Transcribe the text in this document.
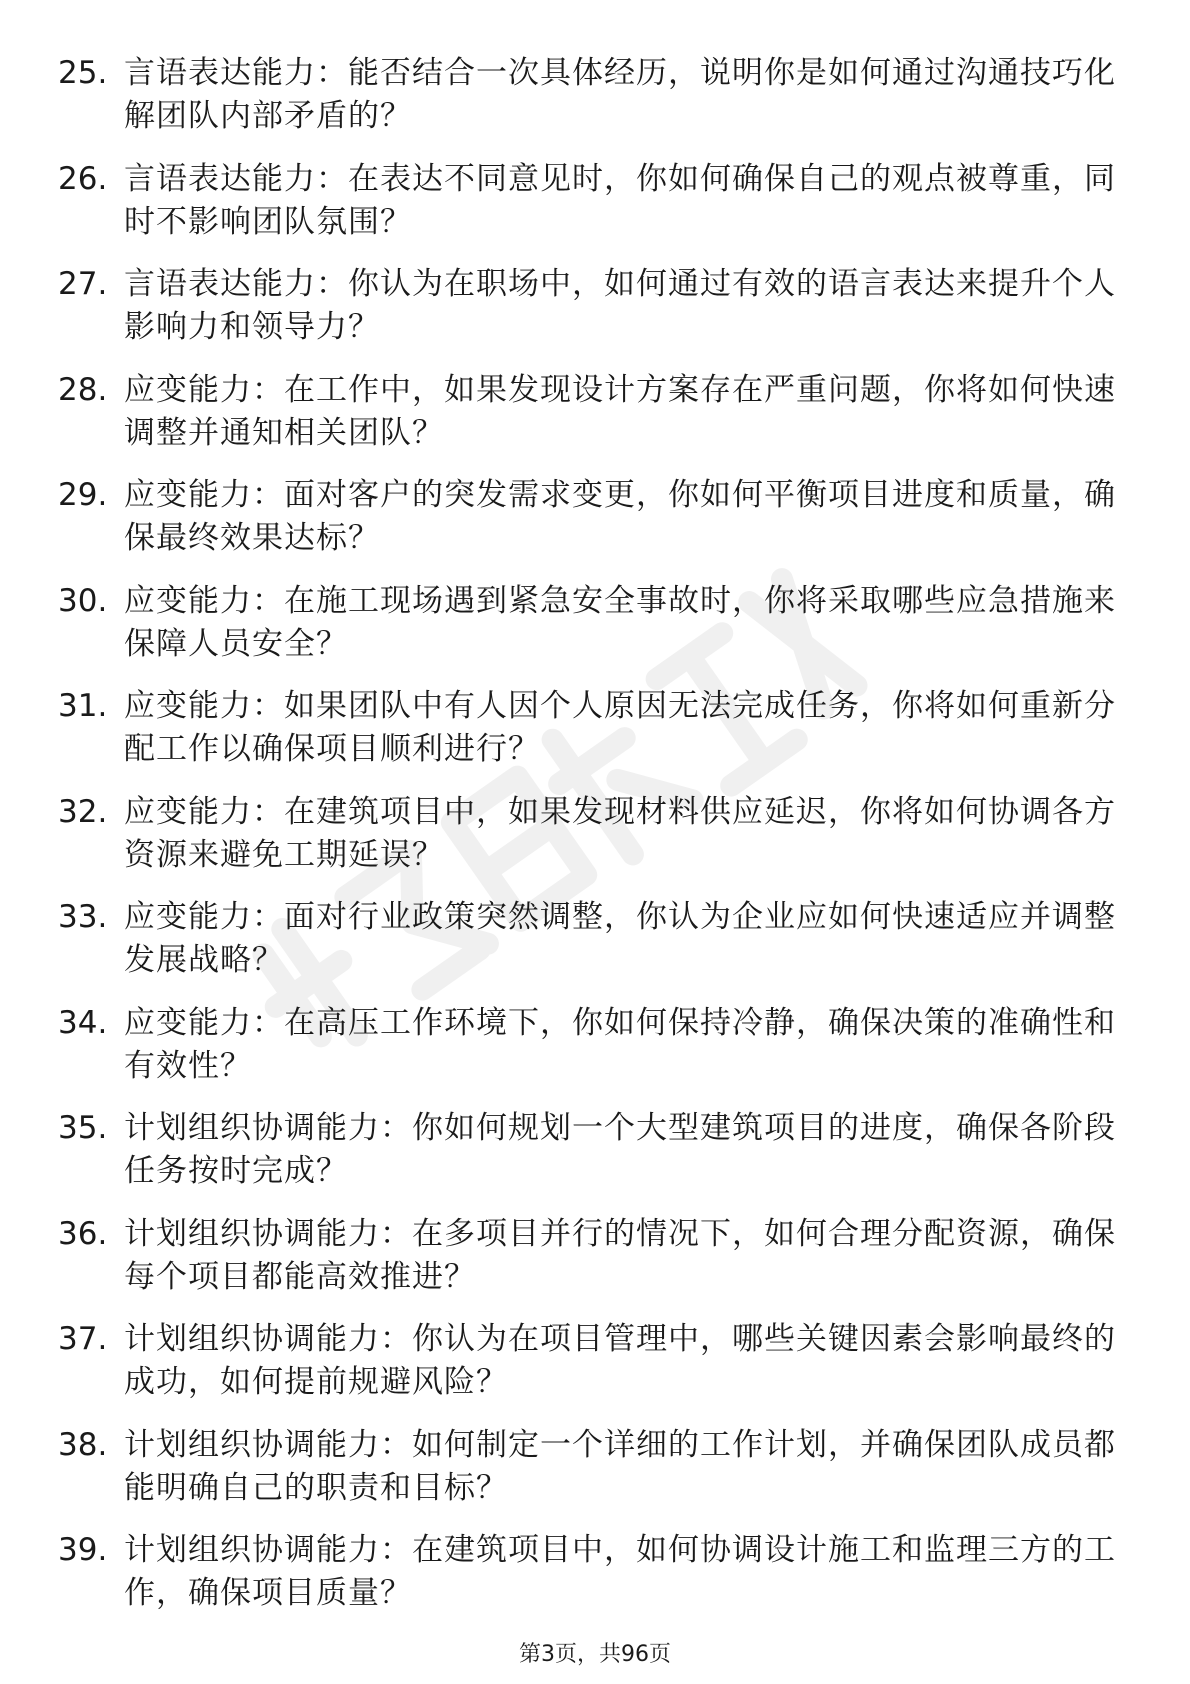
25. 言语表达能力：能否结合一次具体经历，说明你是如何通过沟通技巧化解团队内部矛盾的？
26. 言语表达能力：在表达不同意见时，你如何确保自己的观点被尊重，同时不影响团队氛围？
27. 言语表达能力：你认为在职场中，如何通过有效的语言表达来提升个人影响力和领导力？
28. 应变能力：在工作中，如果发现设计方案存在严重问题，你将如何快速调整并通知相关团队？
29. 应变能力：面对客户的突发需求变更，你如何平衡项目进度和质量，确保最终效果达标？
30. 应变能力：在施工现场遇到紧急安全事故时，你将采取哪些应急措施来保障人员安全？
31. 应变能力：如果团队中有人因个人原因无法完成任务，你将如何重新分配工作以确保项目顺利进行？
32. 应变能力：在建筑项目中，如果发现材料供应延迟，你将如何协调各方资源来避免工期延误？
33. 应变能力：面对行业政策突然调整，你认为企业应如何快速适应并调整发展战略？
34. 应变能力：在高压工作环境下，你如何保持冷静，确保决策的准确性和有效性？
35. 计划组织协调能力：你如何规划一个大型建筑项目的进度，确保各阶段任务按时完成？
36. 计划组织协调能力：在多项目并行的情况下，如何合理分配资源，确保每个项目都能高效推进？
37. 计划组织协调能力：你认为在项目管理中，哪些关键因素会影响最终的成功，如何提前规避风险？
38. 计划组织协调能力：如何制定一个详细的工作计划，并确保团队成员都能明确自己的职责和目标？
39. 计划组织协调能力：在建筑项目中，如何协调设计施工和监理三方的工作，确保项目质量？
第3页，共96页
